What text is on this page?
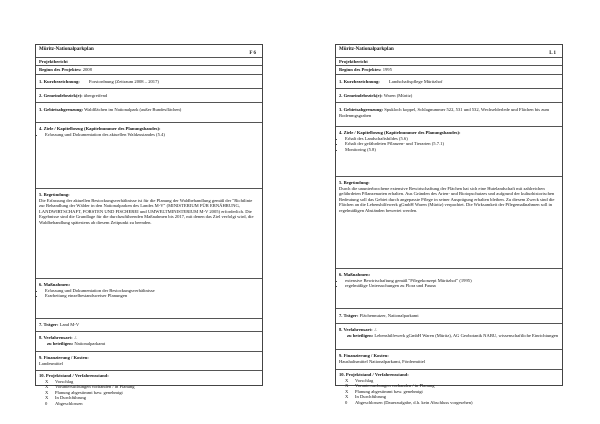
Müritz-Nationalparkplan
F 6
Projektbericht
Beginn des Projektes: 2008
1. Kurzbezeichnung: Forstordnung (Zeitraum 2008 – 2017)
2. Gemeindebezirk(e): übergreifend
3. Gebietsabgrenzung: Waldflächen im Nationalpark (außer Bundesflächen)
4. Ziele / Kapitelbezug (Kapitelnummer des Planungsbandes):
• Erfassung und Dokumentation des aktuellen Waldzustandes (5.4)
5. Begründung:
Die Erfassung der aktuellen Bestockungsverhältnisse ist für die Planung der Waldbehandlung gemäß der "Richtlinie zur Behandlung der Wälder in den Nationalparken des Landes M-V" (MINISTERIUM FÜR ERNÄHRUNG, LANDWIRTSCHAFT, FORSTEN UND FISCHEREI und UMWELTMINISTERIUM M-V 2005) erforderlich. Die Ergebnisse sind die Grundlage für die durchzuführenden Maßnahmen bis 2017, mit denen das Ziel verfolgt wird, die Waldbehandlung spätestens ab diesem Zeitpunkt zu beenden.
6. Maßnahmen:
• Erfassung und Dokumentation der Bestockungsverhältnisse
• Erarbeitung einzelbestandsweiser Planungen
7. Träger: Land M-V
8. Verfahrensart: ./.
zu beteiligen: Nationalparkamt
9. Finanzierung / Kosten:
Landesmittel
10. Projektstand / Verfahrensstand:
X	Vorschlag
X	Voruntersuchungen vorhanden / in Planung
X	Planung abgestimmt bzw. genehmigt
X	In Durchführung
0	Abgeschlossen
Müritz-Nationalparkplan
L 1
Projektbericht
Beginn des Projektes: 1995
1. Kurzbezeichnung: Landschaftspflege Müritzhof
2. Gemeindebezirk(e): Waren (Müritz)
3. Gebietsabgrenzung: Spukloch koppel, Schlagnummer 522, 531 und 532, Wechselderlede und Flächen bis zum Bodenmgsgraben
4. Ziele / Kapitelbezug (Kapitelnummer des Planungsbandes):
• Erhalt des Landschaftsbildes (5.6)
• Erhalt der gefährdeten Pflanzen- und Tierarten (5.7.1)
• Monitoring (5.8)
5. Begründung:
Durch die ununterbrochene extensive Bewirtschaftung der Flächen hat sich eine Hutelandschaft mit zahlreichen gefährdeten Pflanzenarten erhalten. Aus Gründen des Arten- und Biotopschutzes und aufgrund der kulturhistorischen Bedeutung soll das Gebiet durch angepasste Pflege in seiner Ausprägung erhalten bleiben. Zu diesem Zweck sind die Flächen an die Lebenshilfewerk gGmbH Waren (Müritz) verpachtet. Die Wirksamkeit der Pflegemaßnahmen soll in regelmäßigen Abständen bewertet werden.
6. Maßnahmen:
• extensive Bewirtschaftung gemäß "Pflegekonzept Müritzhof" (1995)
• regelmäßige Untersuchungen zu Flora und Fauna
7. Träger: Flächennutzer, Nationalparkamt
8. Verfahrensart: ./.
zu beteiligen: Lebenshilfewerk gGmbH Waren (Müritz), AG Geobotanik NABU, wissenschaftliche Einrichtungen
9. Finanzierung / Kosten:
Haushaltsmittel Nationalparkamt, Fördermittel
10. Projektstand / Verfahrensstand:
X	Vorschlag
X	Voruntersuchungen vorhanden / in Planung
X	Planung abgestimmt bzw. genehmigt
X	In Durchführung
0	Abgeschlossen (Daueraufgabe, d.h. kein Abschluss vorgesehen)
